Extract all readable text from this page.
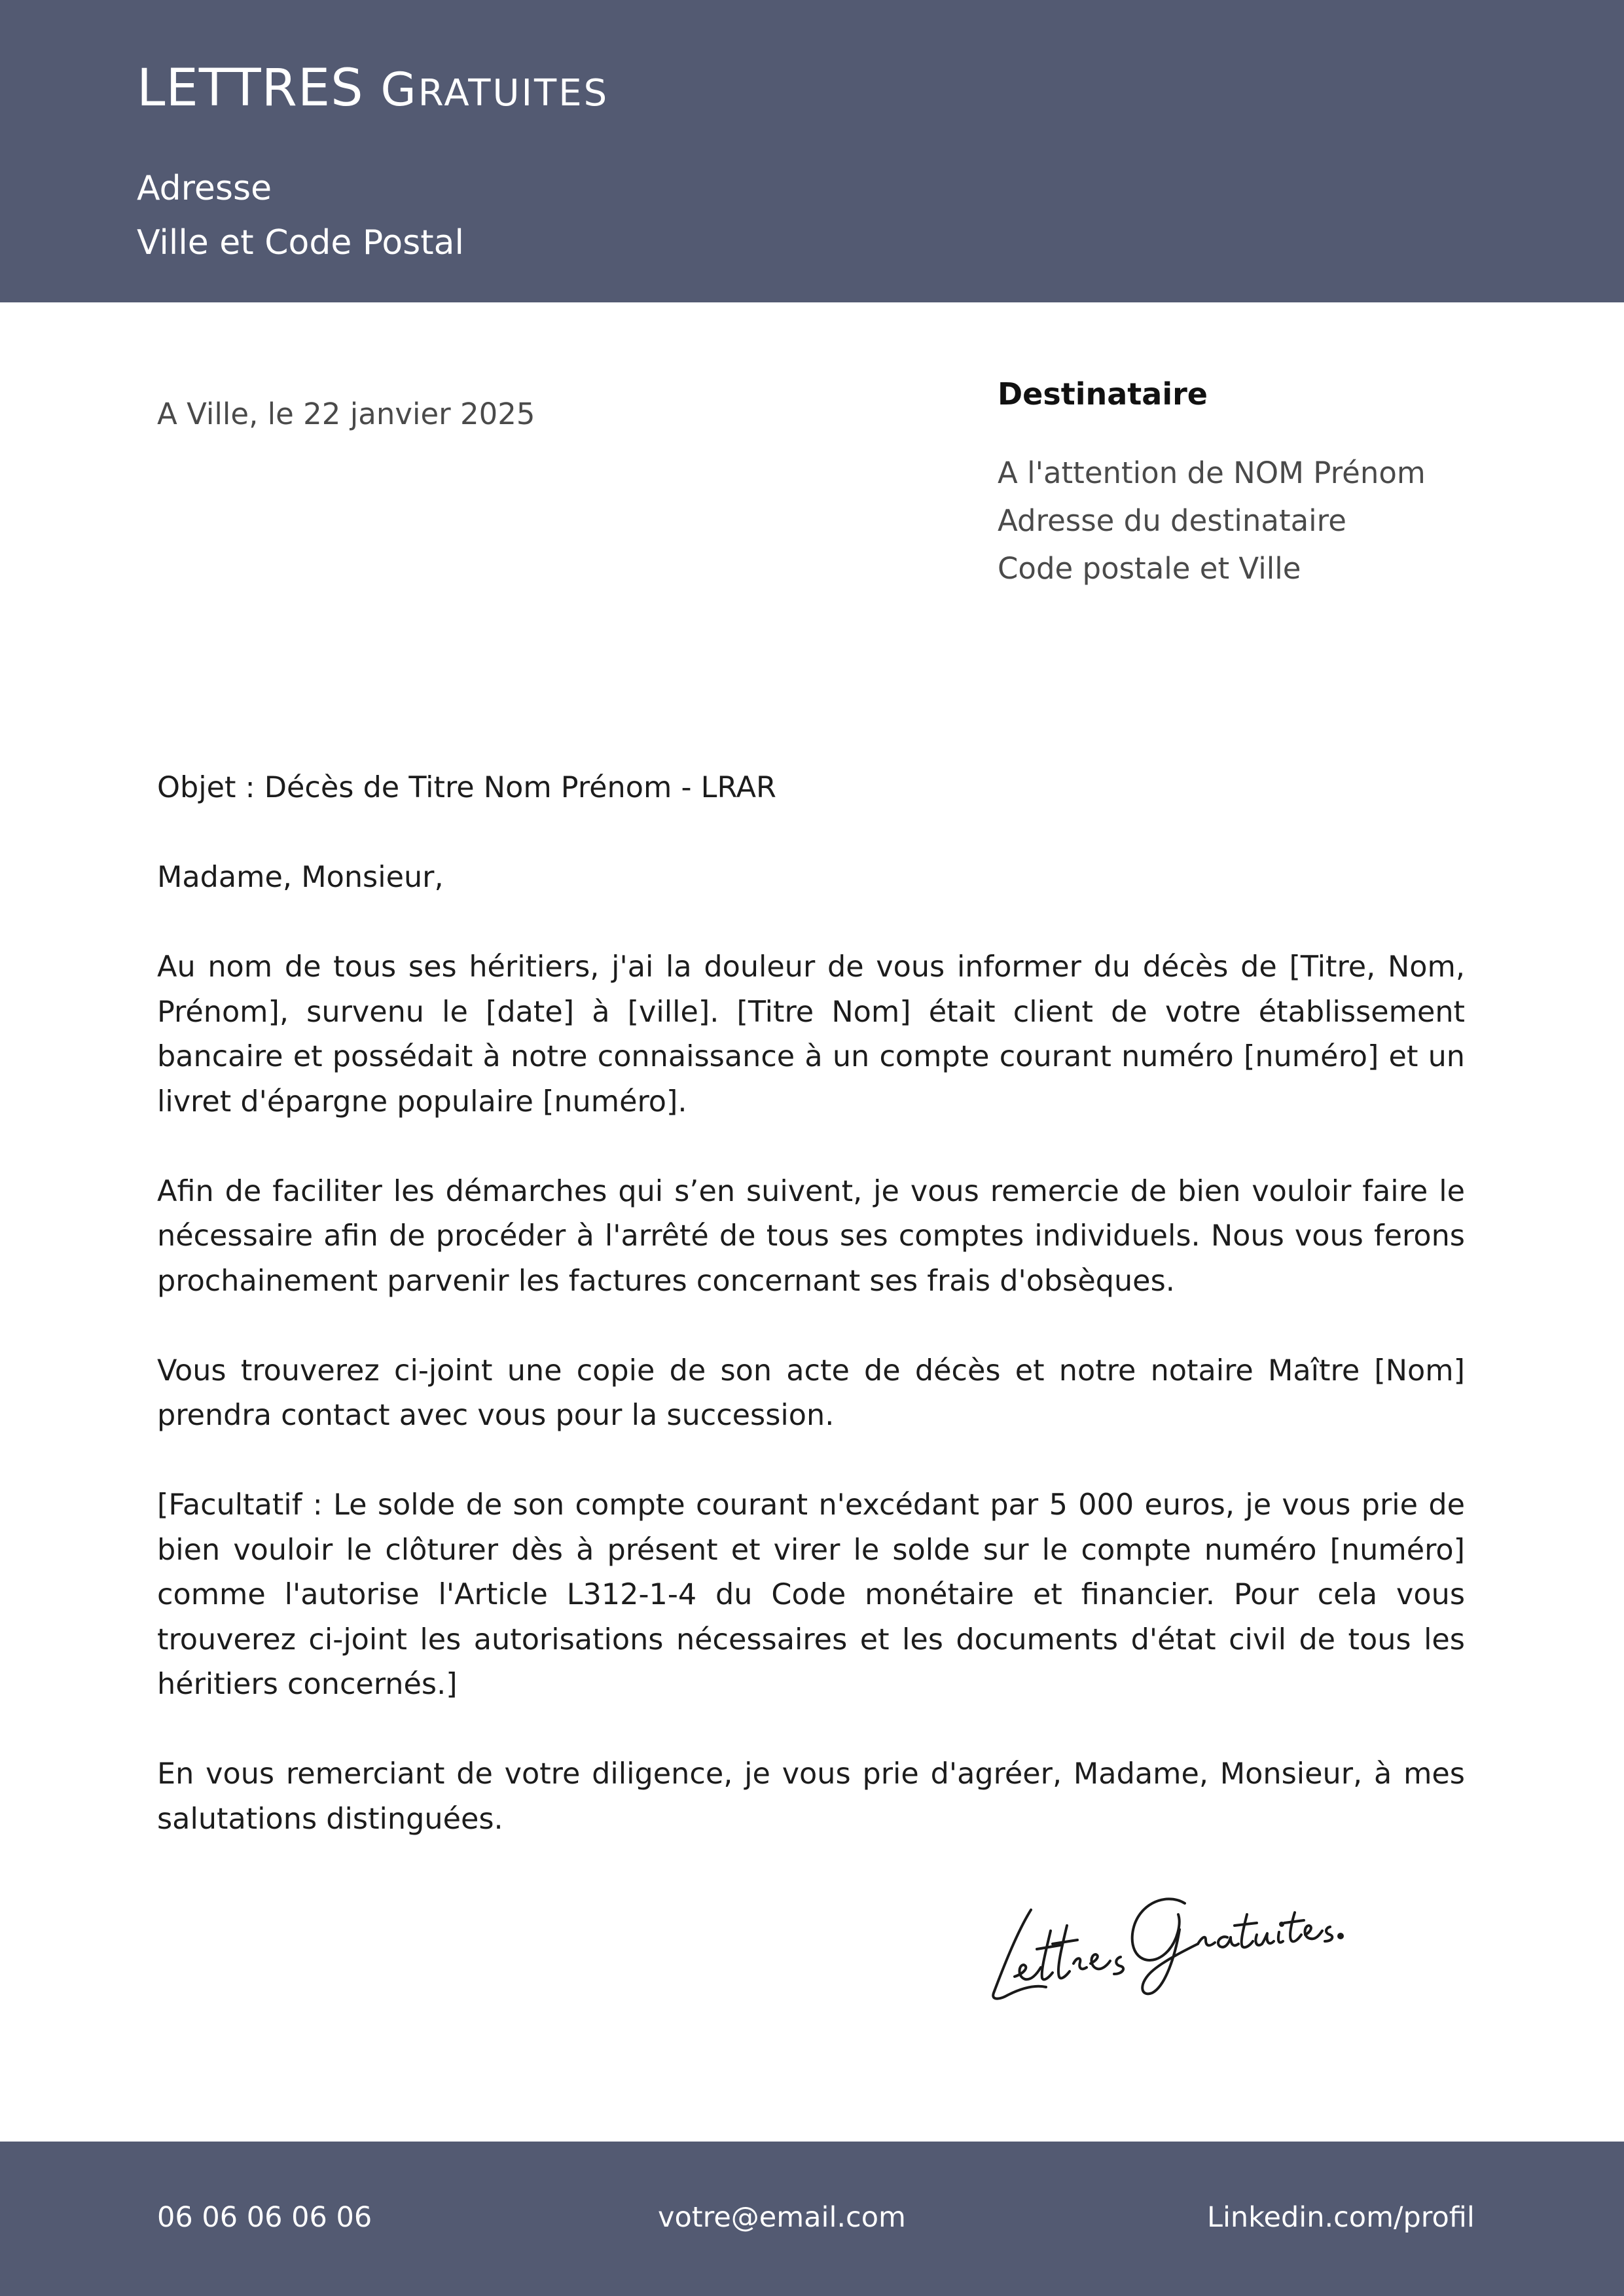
LETTRES GRATUITES
Adresse
Ville et Code Postal
A Ville, le 22 janvier 2025
Destinataire
A l'attention de NOM Prénom
Adresse du destinataire
Code postale et Ville

Objet : Décès de Titre Nom Prénom - LRAR

Madame, Monsieur,

Au nom de tous ses héritiers, j'ai la douleur de vous informer du décès de [Titre, Nom, Prénom], survenu le [date] à [ville]. [Titre Nom] était client de votre établissement bancaire et possédait à notre connaissance à un compte courant numéro [numéro] et un livret d'épargne populaire [numéro].

Afin de faciliter les démarches qui s’en suivent, je vous remercie de bien vouloir faire le nécessaire afin de procéder à l'arrêté de tous ses comptes individuels. Nous vous ferons prochainement parvenir les factures concernant ses frais d'obsèques.

Vous trouverez ci-joint une copie de son acte de décès et notre notaire Maître [Nom] prendra contact avec vous pour la succession.

[Facultatif : Le solde de son compte courant n'excédant par 5 000 euros, je vous prie de bien vouloir le clôturer dès à présent et virer le solde sur le compte numéro [numéro] comme l'autorise l'Article L312-1-4 du Code monétaire et financier. Pour cela vous trouverez ci-joint les autorisations nécessaires et les documents d'état civil de tous les héritiers concernés.]

En vous remerciant de votre diligence, je vous prie d'agréer, Madame, Monsieur, à mes salutations distinguées.

06 06 06 06 06	votre@email.com	Linkedin.com/profil
